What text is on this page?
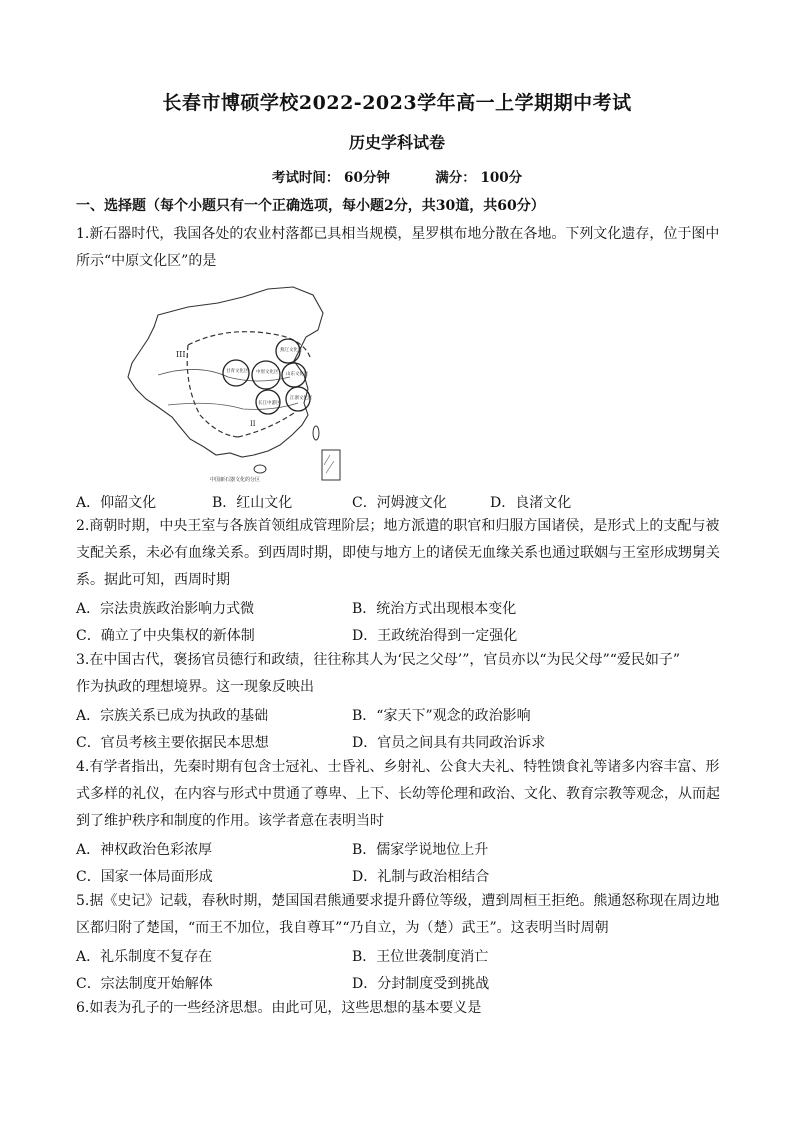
长春市博硕学校2022-2023学年高一上学期期中考试
历史学科试卷
考试时间： 60分钟	满分： 100分
一、选择题（每个小题只有一个正确选项，每小题2分，共30道，共60分）
1.新石器时代，我国各处的农业村落都已具相当规模，星罗棋布地分散在各地。下列文化遗存，位于图中
所示“中原文化区”的是
III
II
中原文化区
甘青文化区
燕辽文化区
山东文化区
长江中游区
江浙文化区
中国新石器文化的分区
A．仰韶文化	B．红山文化	C．河姆渡文化	D．良渚文化
2.商朝时期，中央王室与各族首领组成管理阶层；地方派遣的职官和归服方国诸侯，是形式上的支配与被
支配关系，未必有血缘关系。到西周时期，即使与地方上的诸侯无血缘关系也通过联姻与王室形成甥舅关
系。据此可知，西周时期
A．宗法贵族政治影响力式微	B．统治方式出现根本变化
C．确立了中央集权的新体制	D．王政统治得到一定强化
3.在中国古代，褒扬官员德行和政绩，往往称其人为‘民之父母’”，官员亦以“为民父母”“爱民如子”
作为执政的理想境界。这一现象反映出
A．宗族关系已成为执政的基础	B．“家天下”观念的政治影响
C．官员考核主要依据民本思想	D．官员之间具有共同政治诉求
4.有学者指出，先秦时期有包含士冠礼、士昏礼、乡射礼、公食大夫礼、特牲馈食礼等诸多内容丰富、形
式多样的礼仪，在内容与形式中贯通了尊卑、上下、长幼等伦理和政治、文化、教育宗教等观念，从而起
到了维护秩序和制度的作用。该学者意在表明当时
A．神权政治色彩浓厚	B．儒家学说地位上升
C．国家一体局面形成	D．礼制与政治相结合
5.据《史记》记载，春秋时期，楚国国君熊通要求提升爵位等级，遭到周桓王拒绝。熊通怒称现在周边地
区都归附了楚国，“而王不加位，我自尊耳”“乃自立，为（楚）武王”。这表明当时周朝
A．礼乐制度不复存在	B．王位世袭制度消亡
C．宗法制度开始解体	D．分封制度受到挑战
6.如表为孔子的一些经济思想。由此可见，这些思想的基本要义是
